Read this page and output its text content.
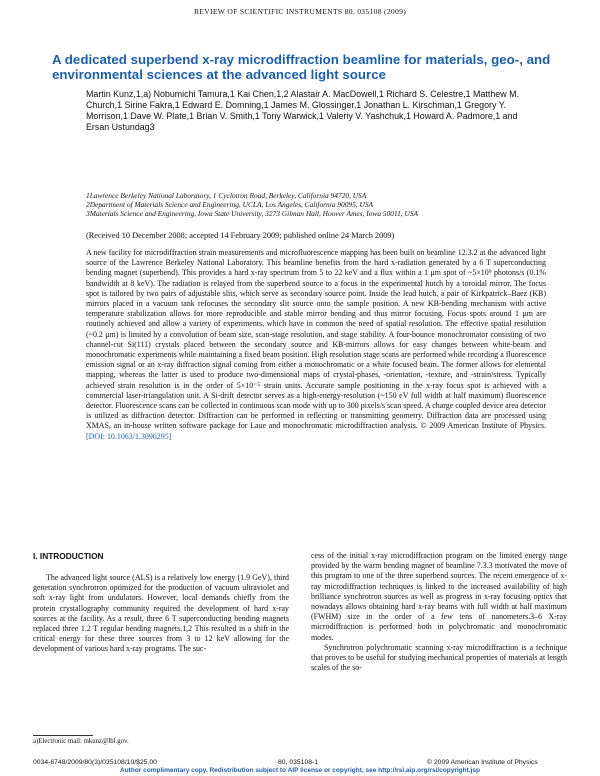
REVIEW OF SCIENTIFIC INSTRUMENTS 80, 035108 (2009)
A dedicated superbend x-ray microdiffraction beamline for materials, geo-, and environmental sciences at the advanced light source
Martin Kunz,1,a) Nobumichi Tamura,1 Kai Chen,1,2 Alastair A. MacDowell,1 Richard S. Celestre,1 Matthew M. Church,1 Sirine Fakra,1 Edward E. Domning,1 James M. Glossinger,1 Jonathan L. Kirschman,1 Gregory Y. Morrison,1 Dave W. Plate,1 Brian V. Smith,1 Tony Warwick,1 Valeriy V. Yashchuk,1 Howard A. Padmore,1 and Ersan Ustundag3
1Lawrence Berkeley National Laboratory, 1 Cyclotron Road, Berkeley, California 94720, USA
2Department of Materials Science and Engineering, UCLA, Los Angeles, California 90095, USA
3Materials Science and Engineering, Iowa State University, 3273 Gilman Hall, Hoover Ames, Iowa 50011, USA
(Received 10 December 2008; accepted 14 February 2009; published online 24 March 2009)
A new facility for microdiffraction strain measurements and microfluorescence mapping has been built on beamline 12.3.2 at the advanced light source of the Lawrence Berkeley National Laboratory. This beamline benefits from the hard x-radiation generated by a 6 T superconducting bending magnet (superbend). This provides a hard x-ray spectrum from 5 to 22 keV and a flux within a 1 μm spot of ~5×10⁹ photons/s (0.1% bandwidth at 8 keV). The radiation is relayed from the superbend source to a focus in the experimental hutch by a toroidal mirror. The focus spot is tailored by two pairs of adjustable slits, which serve as secondary source point. Inside the lead hutch, a pair of Kirkpatrick–Baez (KB) mirrors placed in a vacuum tank refocuses the secondary slit source onto the sample position. A new KB-bending mechanism with active temperature stabilization allows for more reproducible and stable mirror bending and thus mirror focusing. Focus spots around 1 μm are routinely achieved and allow a variety of experiments, which have in common the need of spatial resolution. The effective spatial resolution (~0.2 μm) is limited by a convolution of beam size, scan-stage resolution, and stage stability. A four-bounce monochromator consisting of two channel-cut Si(111) crystals placed between the secondary source and KB-mirrors allows for easy changes between white-beam and monochromatic experiments while maintaining a fixed beam position. High resolution stage scans are performed while recording a fluorescence emission signal or an x-ray diffraction signal coming from either a monochromatic or a white focused beam. The former allows for elemental mapping, whereas the latter is used to produce two-dimensional maps of crystal-phases, -orientation, -texture, and -strain/stress. Typically achieved strain resolution is in the order of 5×10⁻⁵ strain units. Accurate sample positioning in the x-ray focus spot is achieved with a commercial laser-triangulation unit. A Si-drift detector serves as a high-energy-resolution (~150 eV full width at half maximum) fluorescence detector. Fluorescence scans can be collected in continuous scan mode with up to 300 pixels/s scan speed. A charge coupled device area detector is utilized as diffraction detector. Diffraction can be performed in reflecting or transmitting geometry. Diffraction data are processed using XMAS, an in-house written software package for Laue and monochromatic microdiffraction analysis. © 2009 American Institute of Physics. [DOI: 10.1063/1.3096295]
I. INTRODUCTION

The advanced light source (ALS) is a relatively low energy (1.9 GeV), third generation synchrotron optimized for the production of vacuum ultraviolet and soft x-ray light from undulators. However, local demands chiefly from the protein crystallography community required the development of hard x-ray sources at the facility. As a result, three 6 T superconducting bending magnets replaced three 1.2 T regular bending magnets.1,2 This resulted in a shift in the critical energy for these three sources from 3 to 12 keV allowing for the development of various hard x-ray programs. The suc-

cess of the initial x-ray microdiffraction program on the limited energy range provided by the warm bending magnet of beamline 7.3.3 motivated the move of this program to one of the three superbend sources. The recent emergence of x-ray microdiffraction techniques is linked to the increased availability of high brilliance synchrotron sources as well as progress in x-ray focusing optics that nowadays allows obtaining hard x-ray beams with full width at half maximum (FWHM) size in the order of a few tens of nanometers.3–6 X-ray microdiffraction is performed both in polychromatic and monochromatic modes.

Synchrotron polychromatic scanning x-ray microdiffraction is a technique that proves to be useful for studying mechanical properties of materials at length scales of the so-

a)Electronic mail: mkunz@lbl.gov.
0034-6748/2009/80(3)/035108/10/$25.00	80, 035108-1	© 2009 American Institute of Physics
Author complimentary copy. Redistribution subject to AIP license or copyright, see http://rsi.aip.org/rsi/copyright.jsp
